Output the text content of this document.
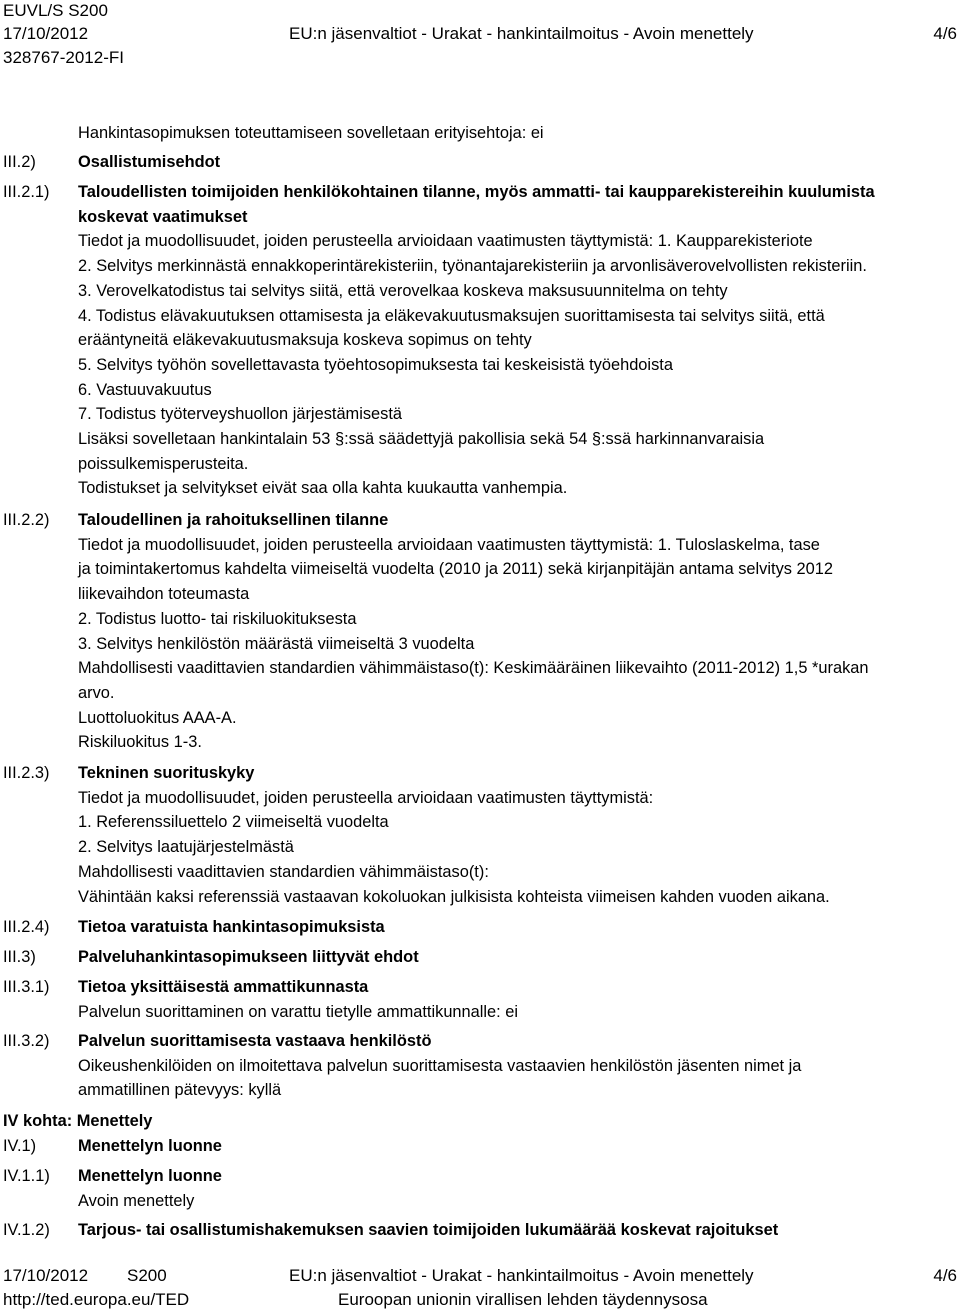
EUVL/S S200
17/10/2012	EU:n jäsenvaltiot - Urakat - hankintailmoitus - Avoin menettely	4/6
328767-2012-FI
Hankintasopimuksen toteuttamiseen sovelletaan erityisehtoja: ei
III.2)	Osallistumisehdot
III.2.1) Taloudellisten toimijoiden henkilökohtainen tilanne, myös ammatti- tai kaupparekistereihin kuulumista
koskevat vaatimukset
Tiedot ja muodollisuudet, joiden perusteella arvioidaan vaatimusten täyttymistä: 1. Kaupparekisteriote
2. Selvitys merkinnästä ennakkoperintärekisteriin, työnantajarekisteriin ja arvonlisäverovelvollisten rekisteriin.
3. Verovelkatodistus tai selvitys siitä, että verovelkaa koskeva maksusuunnitelma on tehty
4. Todistus elävakuutuksen ottamisesta ja eläkevakuutusmaksujen suorittamisesta tai selvitys siitä, että
erääntyneitä eläkevakuutusmaksuja koskeva sopimus on tehty
5. Selvitys työhön sovellettavasta työehtosopimuksesta tai keskeisistä työehdoista
6. Vastuuvakuutus
7. Todistus työterveyshuollon järjestämisestä
Lisäksi sovelletaan hankintalain 53 §:ssä säädettyjä pakollisia sekä 54 §:ssä harkinnanvaraisia
poissulkemisperusteita.
Todistukset ja selvitykset eivät saa olla kahta kuukautta vanhempia.
III.2.2) Taloudellinen ja rahoituksellinen tilanne
Tiedot ja muodollisuudet, joiden perusteella arvioidaan vaatimusten täyttymistä: 1. Tuloslaskelma, tase
ja toimintakertomus kahdelta viimeiseltä vuodelta (2010 ja 2011) sekä kirjanpitäjän antama selvitys 2012
liikevaihdon toteumasta
2. Todistus luotto- tai riskiluokituksesta
3. Selvitys henkilöstön määrästä viimeiseltä 3 vuodelta
Mahdollisesti vaadittavien standardien vähimmäistaso(t): Keskimääräinen liikevaihto (2011-2012) 1,5 *urakan
arvo.
Luottoluokitus AAA-A.
Riskiluokitus 1-3.
III.2.3) Tekninen suorituskyky
Tiedot ja muodollisuudet, joiden perusteella arvioidaan vaatimusten täyttymistä:
1. Referenssiluettelo 2 viimeiseltä vuodelta
2. Selvitys laatujärjestelmästä
Mahdollisesti vaadittavien standardien vähimmäistaso(t):
Vähintään kaksi referenssiä vastaavan kokoluokan julkisista kohteista viimeisen kahden vuoden aikana.
III.2.4) Tietoa varatuista hankintasopimuksista
III.3)	Palveluhankintasopimukseen liittyvät ehdot
III.3.1) Tietoa yksittäisestä ammattikunnasta
Palvelun suorittaminen on varattu tietylle ammattikunnalle: ei
III.3.2) Palvelun suorittamisesta vastaava henkilöstö
Oikeushenkilöiden on ilmoitettava palvelun suorittamisesta vastaavien henkilöstön jäsenten nimet ja
ammatillinen pätevyys: kyllä
IV kohta: Menettely
IV.1)	Menettelyn luonne
IV.1.1) Menettelyn luonne
Avoin menettely
IV.1.2) Tarjous- tai osallistumishakemuksen saavien toimijoiden lukumäärää koskevat rajoitukset
17/10/2012 S200	EU:n jäsenvaltiot - Urakat - hankintailmoitus - Avoin menettely	4/6
http://ted.europa.eu/TED	Euroopan unionin virallisen lehden täydennysosa
